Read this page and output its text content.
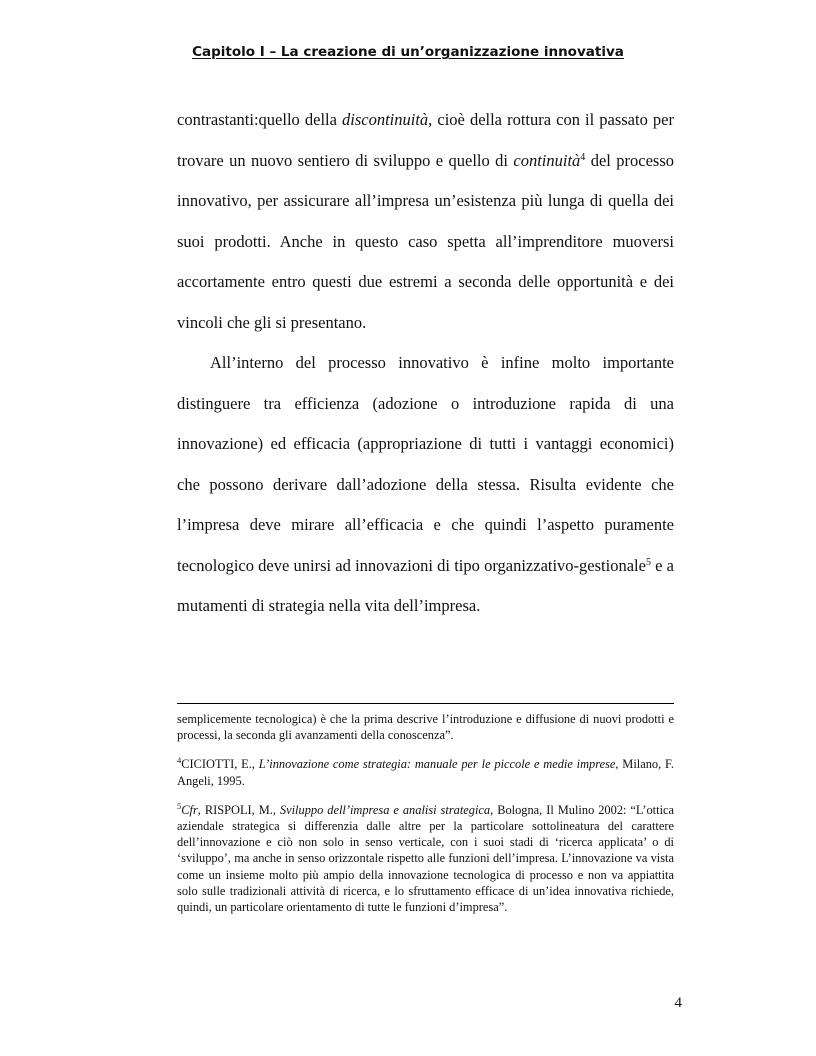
Capitolo I – La creazione di un’organizzazione innovativa

contrastanti:quello della discontinuità, cioè della rottura con il passato per trovare un nuovo sentiero di sviluppo e quello di continuità$^4$ del processo innovativo, per assicurare all’impresa un’esistenza più lunga di quella dei suoi prodotti. Anche in questo caso spetta all’imprenditore muoversi accortamente entro questi due estremi a seconda delle opportunità e dei vincoli che gli si presentano.

All’interno del processo innovativo è infine molto importante distinguere tra efficienza (adozione o introduzione rapida di una innovazione) ed efficacia (appropriazione di tutti i vantaggi economici) che possono derivare dall’adozione della stessa. Risulta evidente che l’impresa deve mirare all’efficacia e che quindi l’aspetto puramente tecnologico deve unirsi ad innovazioni di tipo organizzativo-gestionale$^5$ e a mutamenti di strategia nella vita dell’impresa.

semplicemente tecnologica) è che la prima descrive l’introduzione e diffusione di nuovi prodotti e processi, la seconda gli avanzamenti della conoscenza”.

$^4$CICIOTTI, E., L’innovazione come strategia: manuale per le piccole e medie imprese, Milano, F. Angeli, 1995.

$^5$Cfr, RISPOLI, M., Sviluppo dell’impresa e analisi strategica, Bologna, Il Mulino 2002: “L’ottica aziendale strategica si differenzia dalle altre per la particolare sottolineatura del carattere dell’innovazione e ciò non solo in senso verticale, con i suoi stadi di ‘ricerca applicata’ o di ‘sviluppo’, ma anche in senso orizzontale rispetto alle funzioni dell’impresa. L’innovazione va vista come un insieme molto più ampio della innovazione tecnologica di processo e non va appiattita solo sulle tradizionali attività di ricerca, e lo sfruttamento efficace di un’idea innovativa richiede, quindi, un particolare orientamento di tutte le funzioni d’impresa”.

4
